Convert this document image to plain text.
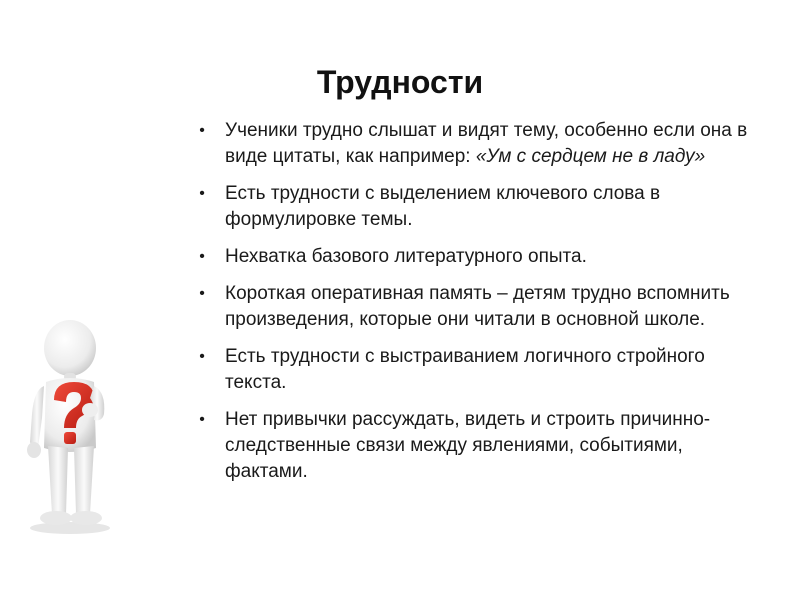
Трудности
• Ученики трудно слышат и видят тему, особенно если она в виде цитаты, как например: «Ум с сердцем не в ладу»
• Есть трудности с выделением ключевого слова в формулировке темы.
• Нехватка базового литературного опыта.
• Короткая оперативная память – детям трудно вспомнить произведения, которые они читали в основной школе.
• Есть трудности с выстраиванием логичного стройного текста.
• Нет привычки рассуждать, видеть и строить причинно-следственные связи между явлениями, событиями, фактами.
